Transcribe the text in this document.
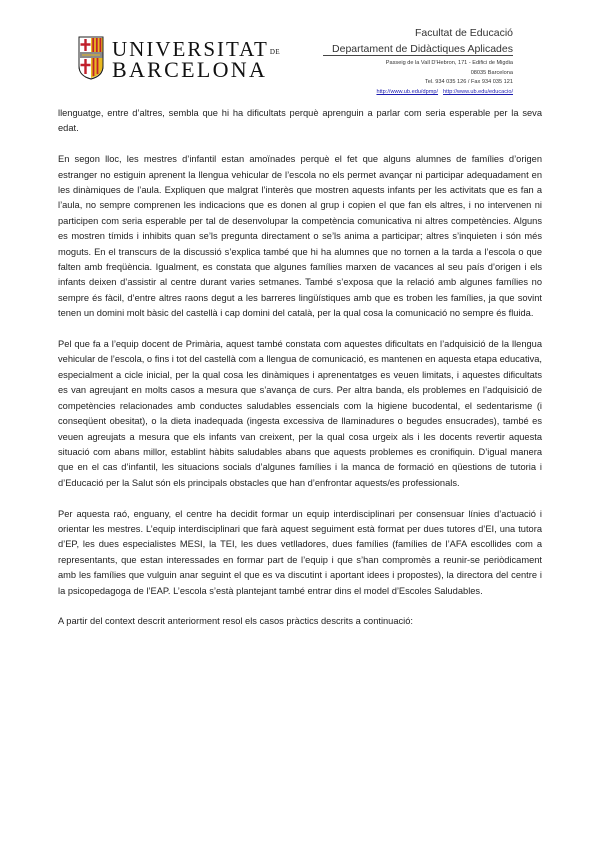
UNIVERSITATDE
BARCELONA
Facultat de Educació
Departament de Didàctiques Aplicades
Passeig de la Vall D'Hebron, 171 - Edifici de Migdia
08035 Barcelona
Tel. 934 035 126 / Fax 934 035 121
http://www.ub.edu/dpmp/ http://www.ub.edu/educacio/

llenguatge, entre d’altres, sembla que hi ha dificultats perquè aprenguin a parlar com seria esperable per la seva edat.

En segon lloc, les mestres d’infantil estan amoïnades perquè el fet que alguns alumnes de famílies d’origen estranger no estiguin aprenent la llengua vehicular de l’escola no els permet avançar ni participar adequadament en les dinàmiques de l’aula. Expliquen que malgrat l’interès que mostren aquests infants per les activitats que es fan a l’aula, no sempre comprenen les indicacions que es donen al grup i copien el que fan els altres, i no intervenen ni participen com seria esperable per tal de desenvolupar la competència comunicativa ni altres competències. Alguns es mostren tímids i inhibits quan se’ls pregunta directament o se’ls anima a participar; altres s’inquieten i són més moguts. En el transcurs de la discussió s’explica també que hi ha alumnes que no tornen a la tarda a l’escola o que falten amb freqüència. Igualment, es constata que algunes famílies marxen de vacances al seu país d’origen i els infants deixen d’assistir al centre durant varies setmanes. També s’exposa que la relació amb algunes famílies no sempre és fàcil, d’entre altres raons degut a les barreres lingüístiques amb que es troben les famílies, ja que sovint tenen un domini molt bàsic del castellà i cap domini del català, per la qual cosa la comunicació no sempre és fluida.

Pel que fa a l’equip docent de Primària, aquest també constata com aquestes dificultats en l’adquisició de la llengua vehicular de l’escola, o fins i tot del castellà com a llengua de comunicació, es mantenen en aquesta etapa educativa, especialment a cicle inicial, per la qual cosa les dinàmiques i aprenentatges es veuen limitats, i aquestes dificultats es van agreujant en molts casos a mesura que s’avança de curs. Per altra banda, els problemes en l’adquisició de competències relacionades amb conductes saludables essencials com la higiene bucodental, el sedentarisme (i conseqüent obesitat), o la dieta inadequada (ingesta excessiva de llaminadures o begudes ensucrades), també es veuen agreujats a mesura que els infants van creixent, per la qual cosa urgeix als i les docents revertir aquesta situació com abans millor, establint hàbits saludables abans que aquests problemes es cronifiquin. D’igual manera que en el cas d’infantil, les situacions socials d’algunes famílies i la manca de formació en qüestions de tutoria i d’Educació per la Salut són els principals obstacles que han d’enfrontar aquests/es professionals.

Per aquesta raó, enguany, el centre ha decidit formar un equip interdisciplinari per consensuar línies d’actuació i orientar les mestres. L’equip interdisciplinari que farà aquest seguiment està format per dues tutores d’EI, una tutora d’EP, les dues especialistes MESI, la TEI, les dues vetlladores, dues famílies (famílies de l’AFA escollides com a representants, que estan interessades en formar part de l’equip i que s’han compromès a reunir-se periòdicament amb les famílies que vulguin anar seguint el que es va discutint i aportant idees i propostes), la directora del centre i la psicopedagoga de l’EAP. L’escola s’està plantejant també entrar dins el model d’Escoles Saludables.

A partir del context descrit anteriorment resol els casos pràctics descrits a continuació:
